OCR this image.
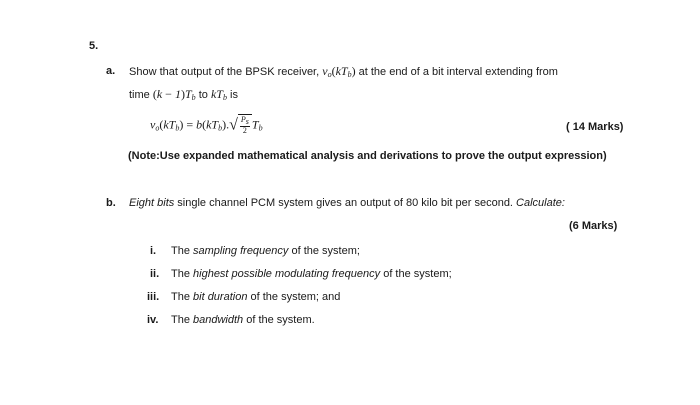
5.
a. Show that output of the BPSK receiver, $v_o(kT_b)$ at the end of a bit interval extending from
time $(k - 1)T_b$ to $kT_b$ is
$v_o(kT_b) = b(kT_b).√ \frac{P_s}{2} T_b$	( 14 Marks)
(Note:Use expanded mathematical analysis and derivations to prove the output expression)
b. Eight bits single channel PCM system gives an output of 80 kilo bit per second. Calculate:
(6 Marks)
i. The sampling frequency of the system;
ii. The highest possible modulating frequency of the system;
iii. The bit duration of the system; and
iv. The bandwidth of the system.
